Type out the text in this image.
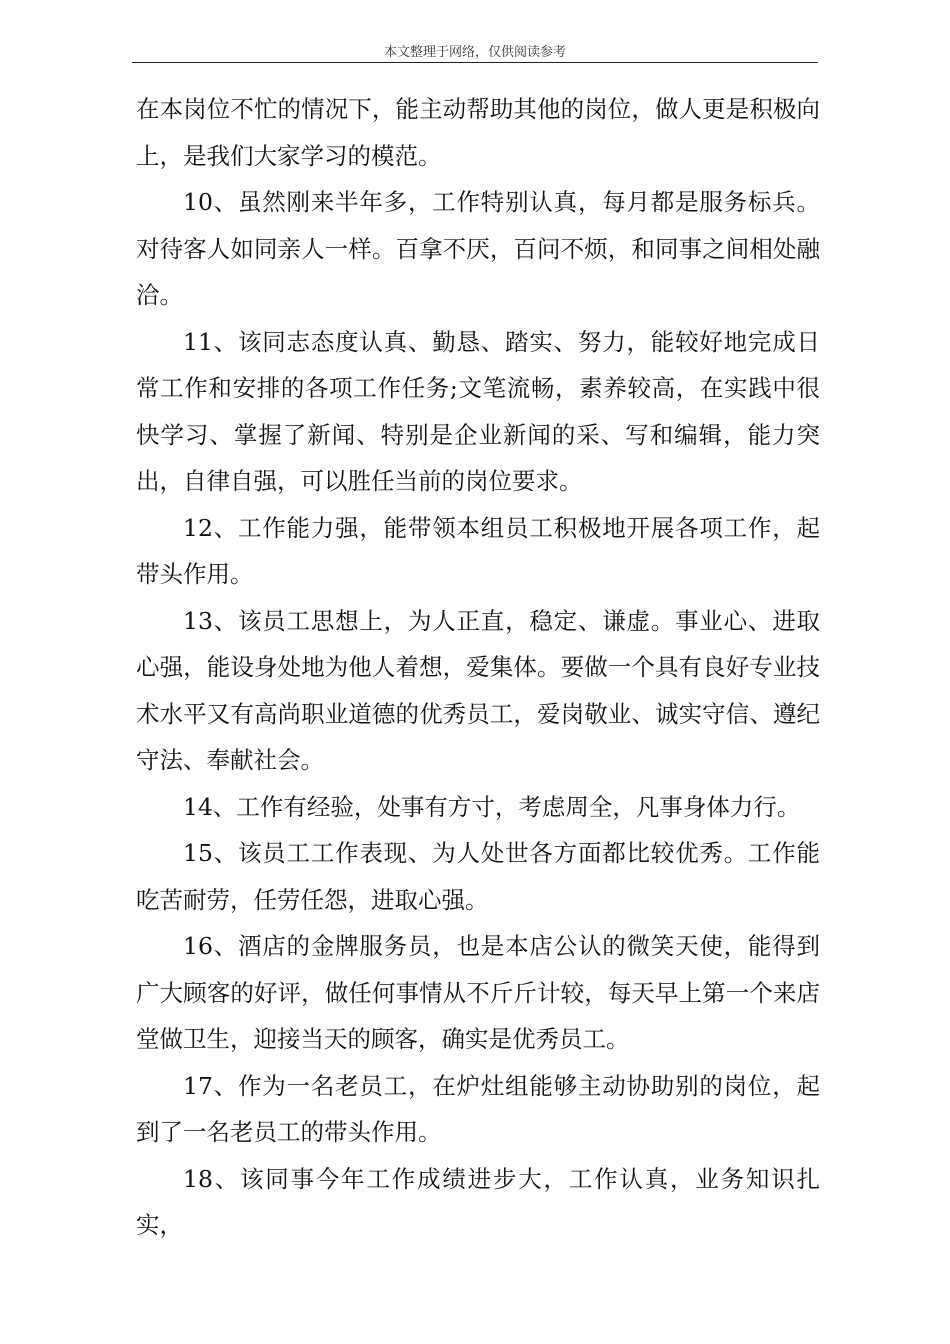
本文整理于网络，仅供阅读参考

在本岗位不忙的情况下，能主动帮助其他的岗位，做人更是积极向上，是我们大家学习的模范。

10、虽然刚来半年多，工作特别认真，每月都是服务标兵。对待客人如同亲人一样。百拿不厌，百问不烦，和同事之间相处融洽。

11、该同志态度认真、勤恳、踏实、努力，能较好地完成日常工作和安排的各项工作任务;文笔流畅，素养较高，在实践中很快学习、掌握了新闻、特别是企业新闻的采、写和编辑，能力突出，自律自强，可以胜任当前的岗位要求。

12、工作能力强，能带领本组员工积极地开展各项工作，起带头作用。

13、该员工思想上，为人正直，稳定、谦虚。事业心、进取心强，能设身处地为他人着想，爱集体。要做一个具有良好专业技术水平又有高尚职业道德的优秀员工，爱岗敬业、诚实守信、遵纪守法、奉献社会。

14、工作有经验，处事有方寸，考虑周全，凡事身体力行。

15、该员工工作表现、为人处世各方面都比较优秀。工作能吃苦耐劳，任劳任怨，进取心强。

16、酒店的金牌服务员，也是本店公认的微笑天使，能得到广大顾客的好评，做任何事情从不斤斤计较，每天早上第一个来店堂做卫生，迎接当天的顾客，确实是优秀员工。

17、作为一名老员工，在炉灶组能够主动协助别的岗位，起到了一名老员工的带头作用。

18、该同事今年工作成绩进步大，工作认真，业务知识扎实，
